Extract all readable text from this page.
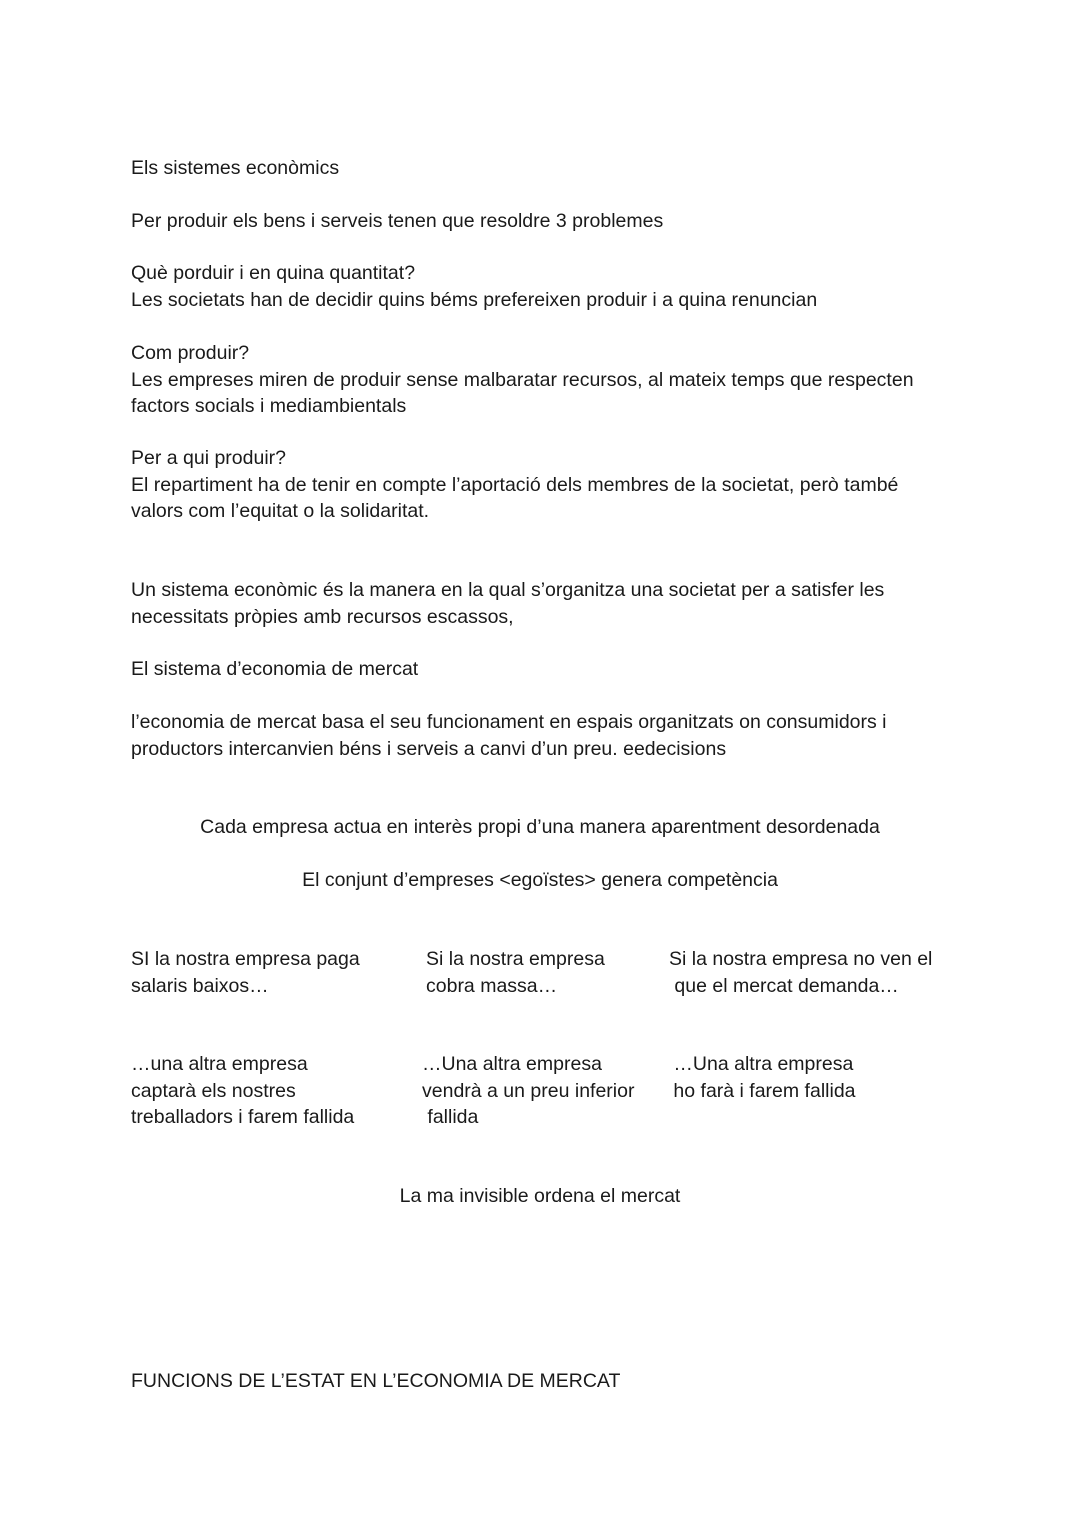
Els sistemes econòmics
Per produir els bens i serveis tenen que resoldre 3 problemes
Què porduir i en quina quantitat?
Les societats han de decidir quins béms prefereixen produir i a quina renuncian
Com produir?
Les empreses miren de produir sense malbaratar recursos, al mateix temps que respecten
factors socials i mediambientals
Per a qui produir?
El repartiment ha de tenir en compte l’aportació dels membres de la societat, però també
valors com l’equitat o la solidaritat.
Un sistema econòmic és la manera en la qual s’organitza una societat per a satisfer les
necessitats pròpies amb recursos escassos,
El sistema d’economia de mercat
l’economia de mercat basa el seu funcionament en espais organitzats on consumidors i
productors intercanvien béns i serveis a canvi d’un preu. eedecisions
Cada empresa actua en interès propi d’una manera aparentment desordenada
El conjunt d’empreses <egoïstes> genera competència
SI la nostra empresa paga
salaris baixos…
Si la nostra empresa
cobra massa…
Si la nostra empresa no ven el
que el mercat demanda…
…una altra empresa
captarà els nostres
treballadors i farem fallida
…Una altra empresa
vendrà a un preu inferior
fallida
…Una altra empresa
ho farà i farem fallida
La ma invisible ordena el mercat
FUNCIONS DE L’ESTAT EN L’ECONOMIA DE MERCAT
